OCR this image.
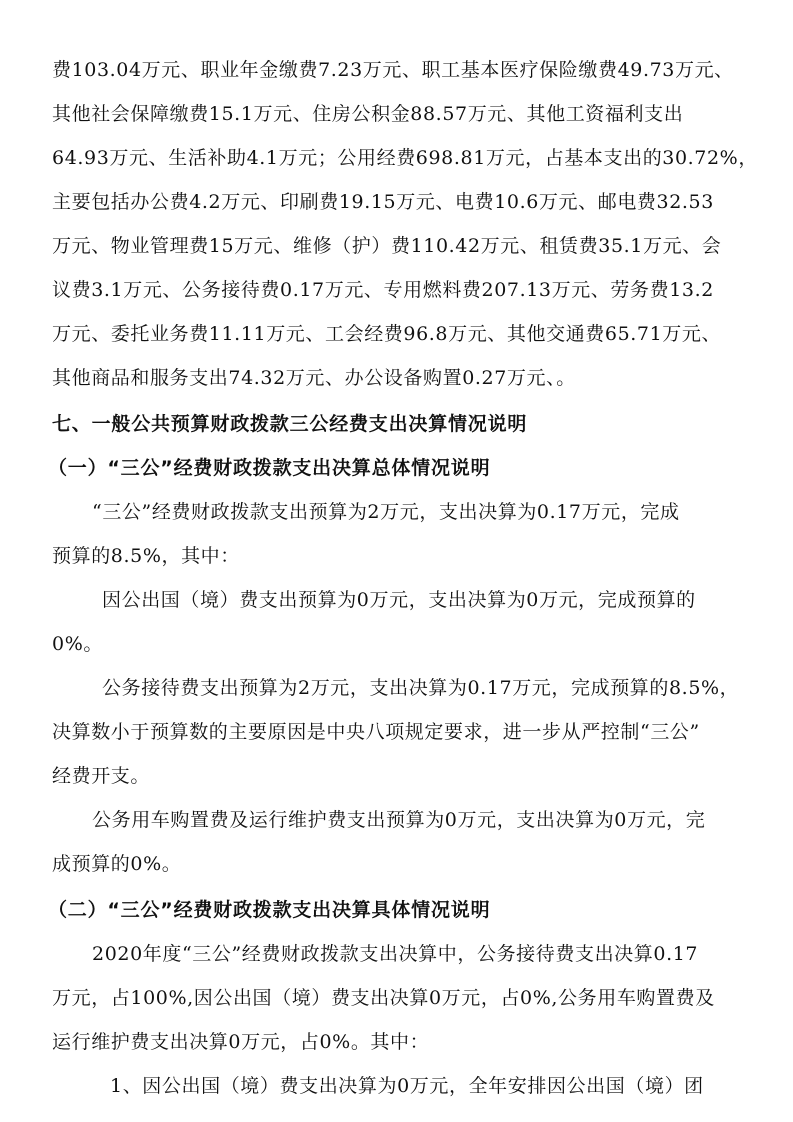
费103.04万元、职业年金缴费7.23万元、职工基本医疗保险缴费49.73万元、
其他社会保障缴费15.1万元、住房公积金88.57万元、其他工资福利支出
64.93万元、生活补助4.1万元；公用经费698.81万元，占基本支出的30.72%，
主要包括办公费4.2万元、印刷费19.15万元、电费10.6万元、邮电费32.53
万元、物业管理费15万元、维修（护）费110.42万元、租赁费35.1万元、会
议费3.1万元、公务接待费0.17万元、专用燃料费207.13万元、劳务费13.2
万元、委托业务费11.11万元、工会经费96.8万元、其他交通费65.71万元、
其他商品和服务支出74.32万元、办公设备购置0.27万元、。
七、一般公共预算财政拨款三公经费支出决算情况说明
（一）“三公”经费财政拨款支出决算总体情况说明
“三公”经费财政拨款支出预算为2万元，支出决算为0.17万元，完成
预算的8.5%，其中：
因公出国（境）费支出预算为0万元，支出决算为0万元，完成预算的
0%。
公务接待费支出预算为2万元，支出决算为0.17万元，完成预算的8.5%，
决算数小于预算数的主要原因是中央八项规定要求，进一步从严控制“三公”
经费开支。
公务用车购置费及运行维护费支出预算为0万元，支出决算为0万元，完
成预算的0%。
（二）“三公”经费财政拨款支出决算具体情况说明
2020年度“三公”经费财政拨款支出决算中，公务接待费支出决算0.17
万元，占100%,因公出国（境）费支出决算0万元，占0%,公务用车购置费及
运行维护费支出决算0万元，占0%。其中：
1、因公出国（境）费支出决算为0万元，全年安排因公出国（境）团
